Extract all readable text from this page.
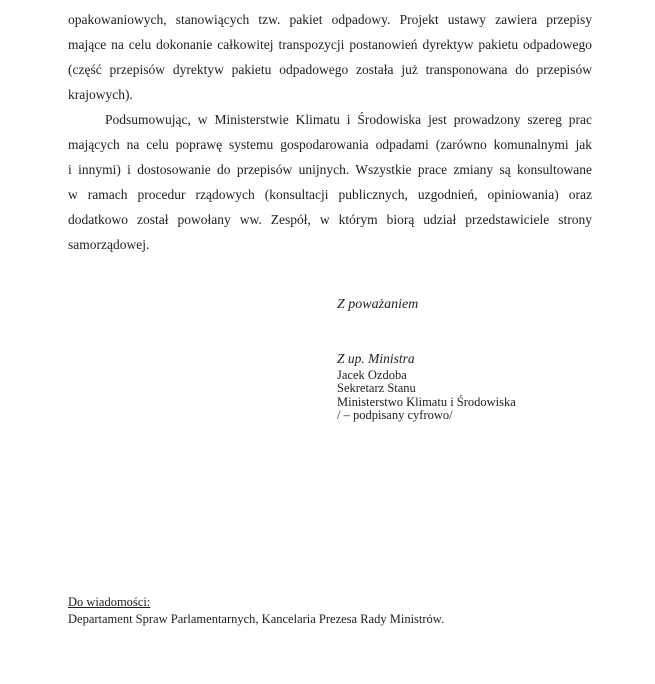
opakowaniowych, stanowiących tzw. pakiet odpadowy. Projekt ustawy zawiera przepisy
mające na celu dokonanie całkowitej transpozycji postanowień dyrektyw pakietu odpadowego
(część przepisów dyrektyw pakietu odpadowego została już transponowana do przepisów
krajowych).
Podsumowując, w Ministerstwie Klimatu i Środowiska jest prowadzony szereg prac
mających na celu poprawę systemu gospodarowania odpadami (zarówno komunalnymi jak
i innymi) i dostosowanie do przepisów unijnych. Wszystkie prace zmiany są konsultowane
w ramach procedur rządowych (konsultacji publicznych, uzgodnień, opiniowania) oraz
dodatkowo został powołany ww. Zespół, w którym biorą udział przedstawiciele strony
samorządowej.
Z poważaniem
Z up. Ministra
Jacek Ozdoba
Sekretarz Stanu
Ministerstwo Klimatu i Środowiska
/ – podpisany cyfrowo/
Do wiadomości:
Departament Spraw Parlamentarnych, Kancelaria Prezesa Rady Ministrów.
